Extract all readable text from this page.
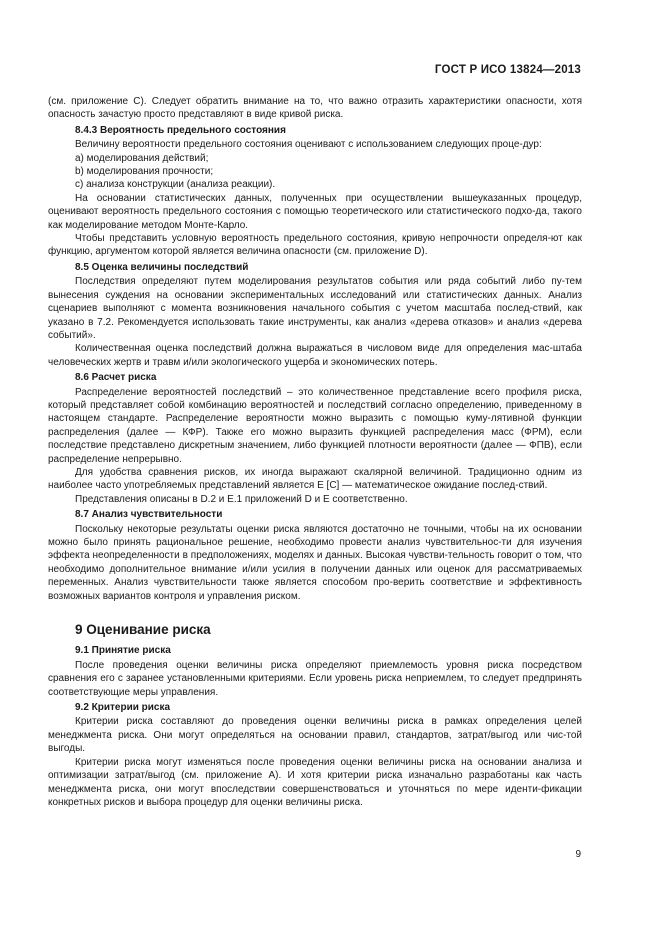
ГОСТ Р ИСО 13824—2013

(см. приложение C). Следует обратить внимание на то, что важно отразить характеристики опасности, хотя опасность зачастую просто представляют в виде кривой риска.

8.4.3 Вероятность предельного состояния

Величину вероятности предельного состояния оценивают с использованием следующих проце-дур:

a) моделирования действий;

b) моделирования прочности;

c) анализа конструкции (анализа реакции).

На основании статистических данных, полученных при осуществлении вышеуказанных процедур, оценивают вероятность предельного состояния с помощью теоретического или статистического подхо-да, такого как моделирование методом Монте-Карло.

Чтобы представить условную вероятность предельного состояния, кривую непрочности определя-ют как функцию, аргументом которой является величина опасности (см. приложение D).

8.5 Оценка величины последствий

Последствия определяют путем моделирования результатов события или ряда событий либо пу-тем вынесения суждения на основании экспериментальных исследований или статистических данных. Анализ сценариев выполняют с момента возникновения начального события с учетом масштаба послед-ствий, как указано в 7.2. Рекомендуется использовать такие инструменты, как анализ «дерева отказов» и анализ «дерева событий».

Количественная оценка последствий должна выражаться в числовом виде для определения мас-штаба человеческих жертв и травм и/или экологического ущерба и экономических потерь.

8.6 Расчет риска

Распределение вероятностей последствий – это количественное представление всего профиля риска, который представляет собой комбинацию вероятностей и последствий согласно определению, приведенному в настоящем стандарте. Распределение вероятности можно выразить с помощью куму-лятивной функции распределения (далее — КФР). Также его можно выразить функцией распределения масс (ФРМ), если последствие представлено дискретным значением, либо функцией плотности вероятности (далее — ФПВ), если распределение непрерывно.

Для удобства сравнения рисков, их иногда выражают скалярной величиной. Традиционно одним из наиболее часто употребляемых представлений является E [C] — математическое ожидание послед-ствий.

Представления описаны в D.2 и E.1 приложений D и E соответственно.

8.7 Анализ чувствительности

Поскольку некоторые результаты оценки риска являются достаточно не точными, чтобы на их основании можно было принять рациональное решение, необходимо провести анализ чувствительнос-ти для изучения эффекта неопределенности в предположениях, моделях и данных. Высокая чувстви-тельность говорит о том, что необходимо дополнительное внимание и/или усилия в получении данных или оценок для рассматриваемых переменных. Анализ чувствительности также является способом про-верить соответствие и эффективность возможных вариантов контроля и управления риском.

9 Оценивание риска

9.1 Принятие риска

После проведения оценки величины риска определяют приемлемость уровня риска посредством сравнения его с заранее установленными критериями. Если уровень риска неприемлем, то следует предпринять соответствующие меры управления.

9.2 Критерии риска

Критерии риска составляют до проведения оценки величины риска в рамках определения целей менеджмента риска. Они могут определяться на основании правил, стандартов, затрат/выгод или чис-той выгоды.

Критерии риска могут изменяться после проведения оценки величины риска на основании анализа и оптимизации затрат/выгод (см. приложение А). И хотя критерии риска изначально разработаны как часть менеджмента риска, они могут впоследствии совершенствоваться и уточняться по мере иденти-фикации конкретных рисков и выбора процедур для оценки величины риска.

9
